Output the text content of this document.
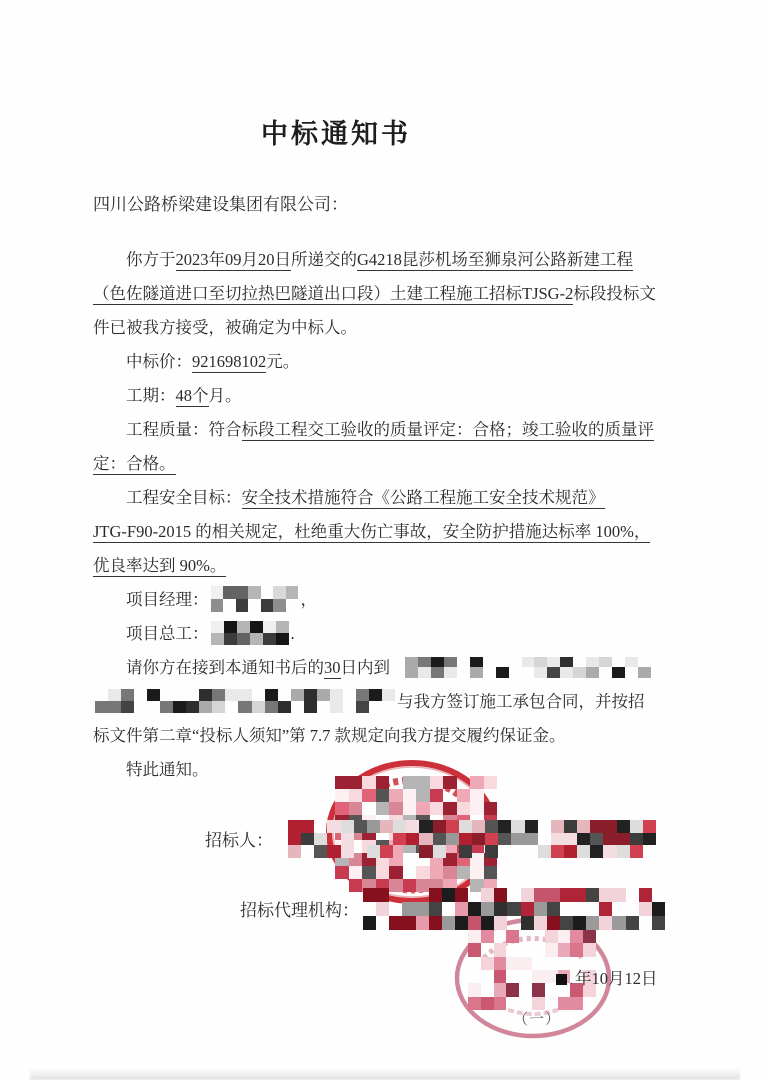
中标通知书
四川公路桥梁建设集团有限公司：
你方于2023年09月20日所递交的G4218昆莎机场至狮泉河公路新建工程
（色佐隧道进口至切拉热巴隧道出口段）土建工程施工招标TJSG-2标段投标文
件已被我方接受，被确定为中标人。
中标价：921698102元。
工期：48个月。
工程质量：符合标段工程交工验收的质量评定：合格；竣工验收的质量评
定：合格。
工程安全目标：安全技术措施符合《公路工程施工安全技术规范》
JTG-F90-2015 的相关规定，杜绝重大伤亡事故，安全防护措施达标率 100%，
优良率达到 90%。
项目经理：	，
项目总工：	.
请你方在接到本通知书后的30日内到
与我方签订施工承包合同，并按招
标文件第二章“投标人须知”第 7.7 款规定向我方提交履约保证金。
特此通知。
招标人：
招标代理机构：
. 年10月12日
（一）
